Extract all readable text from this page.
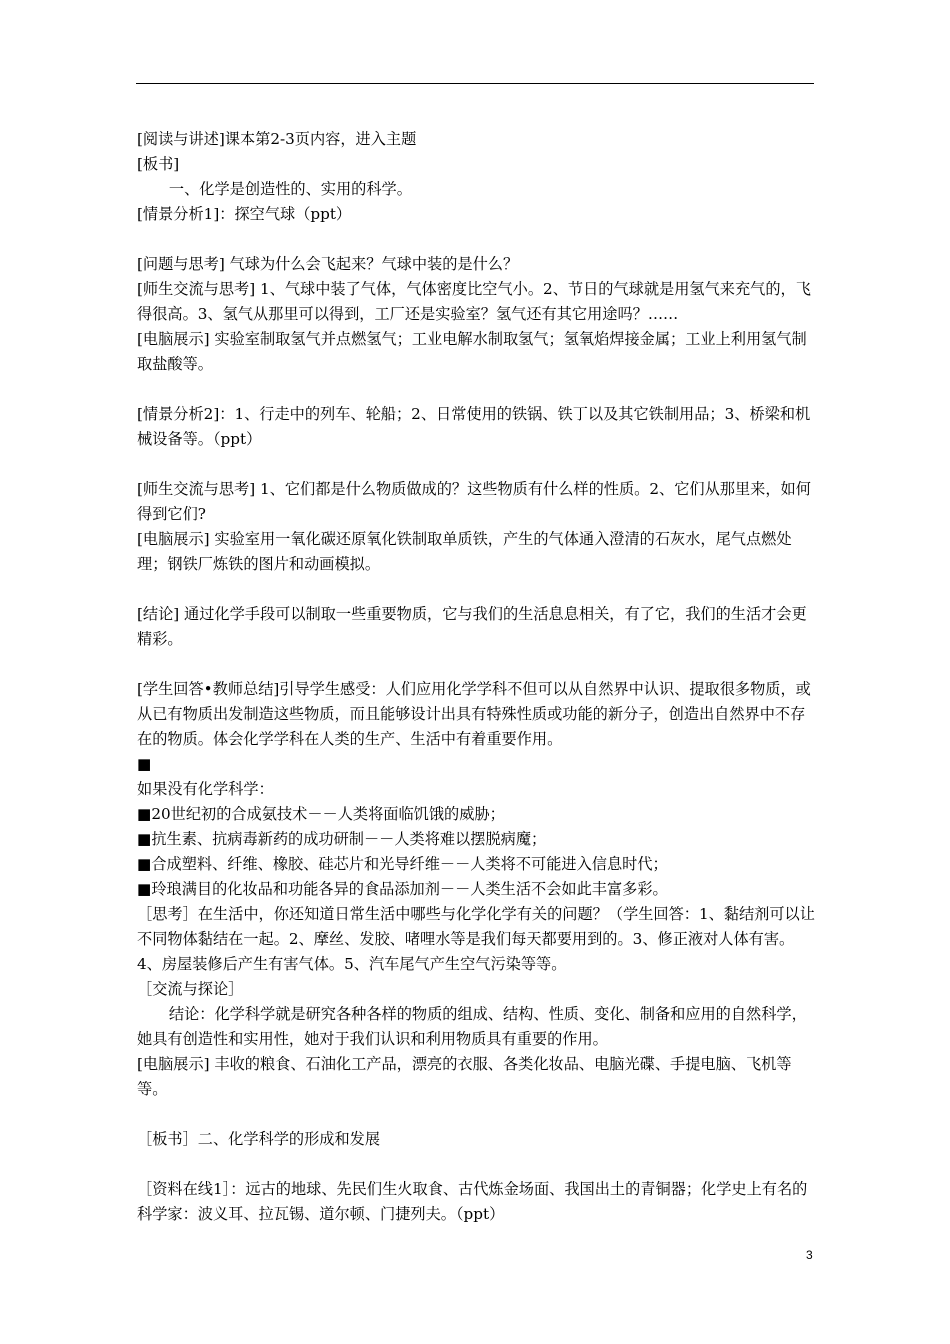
[阅读与讲述]课本第2-3页内容，进入主题

[板书]

一、化学是创造性的、实用的科学。

[情景分析1]：探空气球（ppt）

[问题与思考] 气球为什么会飞起来？气球中装的是什么？

[师生交流与思考] 1、气球中装了气体，气体密度比空气小。2、节日的气球就是用氢气来充气的，飞得很高。3、氢气从那里可以得到，工厂还是实验室？氢气还有其它用途吗？……

[电脑展示] 实验室制取氢气并点燃氢气；工业电解水制取氢气；氢氧焰焊接金属；工业上利用氢气制取盐酸等。

[情景分析2]：1、行走中的列车、轮船；2、日常使用的铁锅、铁丁以及其它铁制用品；3、桥梁和机械设备等。（ppt）

[师生交流与思考] 1、它们都是什么物质做成的？这些物质有什么样的性质。2、它们从那里来，如何得到它们?

[电脑展示] 实验室用一氧化碳还原氧化铁制取单质铁，产生的气体通入澄清的石灰水，尾气点燃处理；钢铁厂炼铁的图片和动画模拟。

[结论] 通过化学手段可以制取一些重要物质，它与我们的生活息息相关，有了它，我们的生活才会更精彩。

[学生回答•教师总结]引导学生感受：人们应用化学学科不但可以从自然界中认识、提取很多物质，或从已有物质出发制造这些物质，而且能够设计出具有特殊性质或功能的新分子，创造出自然界中不存在的物质。体会化学学科在人类的生产、生活中有着重要作用。

■

如果没有化学科学：

■20世纪初的合成氨技术－－人类将面临饥饿的威胁；

■抗生素、抗病毒新药的成功研制－－人类将难以摆脱病魔；

■合成塑料、纤维、橡胶、硅芯片和光导纤维－－人类将不可能进入信息时代；

■玲琅满目的化妆品和功能各异的食品添加剂－－人类生活不会如此丰富多彩。

［思考］在生活中，你还知道日常生活中哪些与化学化学有关的问题？（学生回答：1、黏结剂可以让不同物体黏结在一起。2、摩丝、发胶、啫哩水等是我们每天都要用到的。3、修正液对人体有害。4、房屋装修后产生有害气体。5、汽车尾气产生空气污染等等。

［交流与探论］

结论：化学科学就是研究各种各样的物质的组成、结构、性质、变化、制备和应用的自然科学，她具有创造性和实用性，她对于我们认识和利用物质具有重要的作用。

[电脑展示] 丰收的粮食、石油化工产品，漂亮的衣服、各类化妆品、电脑光碟、手提电脑、飞机等等。

［板书］二、化学科学的形成和发展

［资料在线1］：远古的地球、先民们生火取食、古代炼金场面、我国出土的青铜器；化学史上有名的科学家：波义耳、拉瓦锡、道尔顿、门捷列夫。（ppt）

3
